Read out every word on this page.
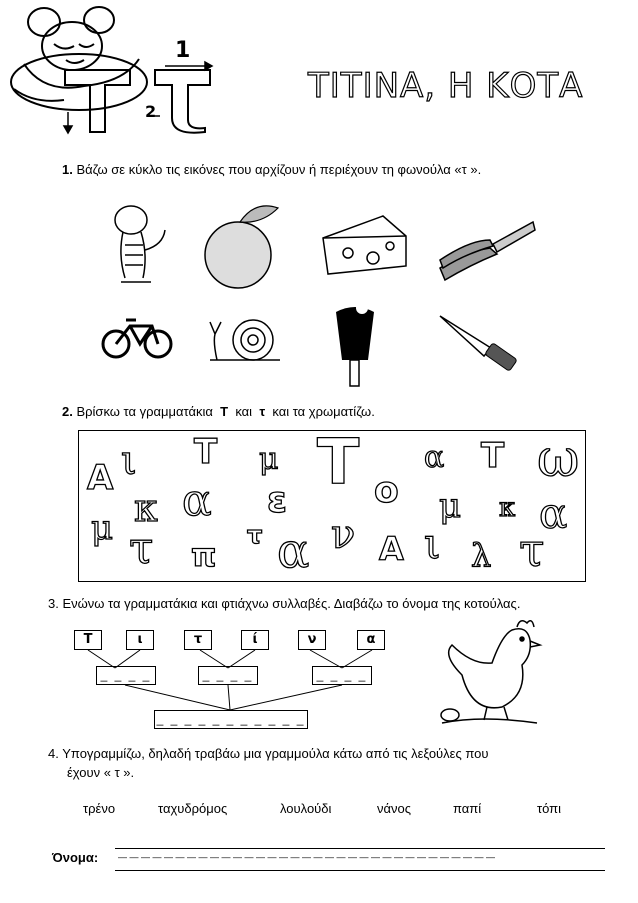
1
2
ΤΙΤΙΝΑ, Η ΚΟΤΑ
1. Βάζω σε κύκλο τις εικόνες που αρχίζουν ή περιέχουν τη φωνούλα «τ ».
2. Βρίσκω τα γραμματάκια Τ και τ και τα χρωματίζω.
ι Τ μ Τ α Τ ω
Α
κ α ε ο μ κ α
μ τ π
τ α ν Α ι λ τ
3. Ενώνω τα γραμματάκια και φτιάχνω συλλαβές. Διαβάζω το όνομα της κοτούλας.
Τ	ι	τ	ί	ν	α
_ _ _ _	_ _ _ _	_ _ _ _
_ _ _ _ _ _ _ _ _ _ _
4. Υπογραμμίζω, δηλαδή τραβάω μια γραμμούλα κάτω από τις λεξούλες που
έχουν « τ ».
τρένο	ταχυδρόμος	λουλούδι	νάνος	παπί	τόπι
Όνομα: — — — — — — — — — — — — — — — — — — — — — — — — — — — — — — — — —
